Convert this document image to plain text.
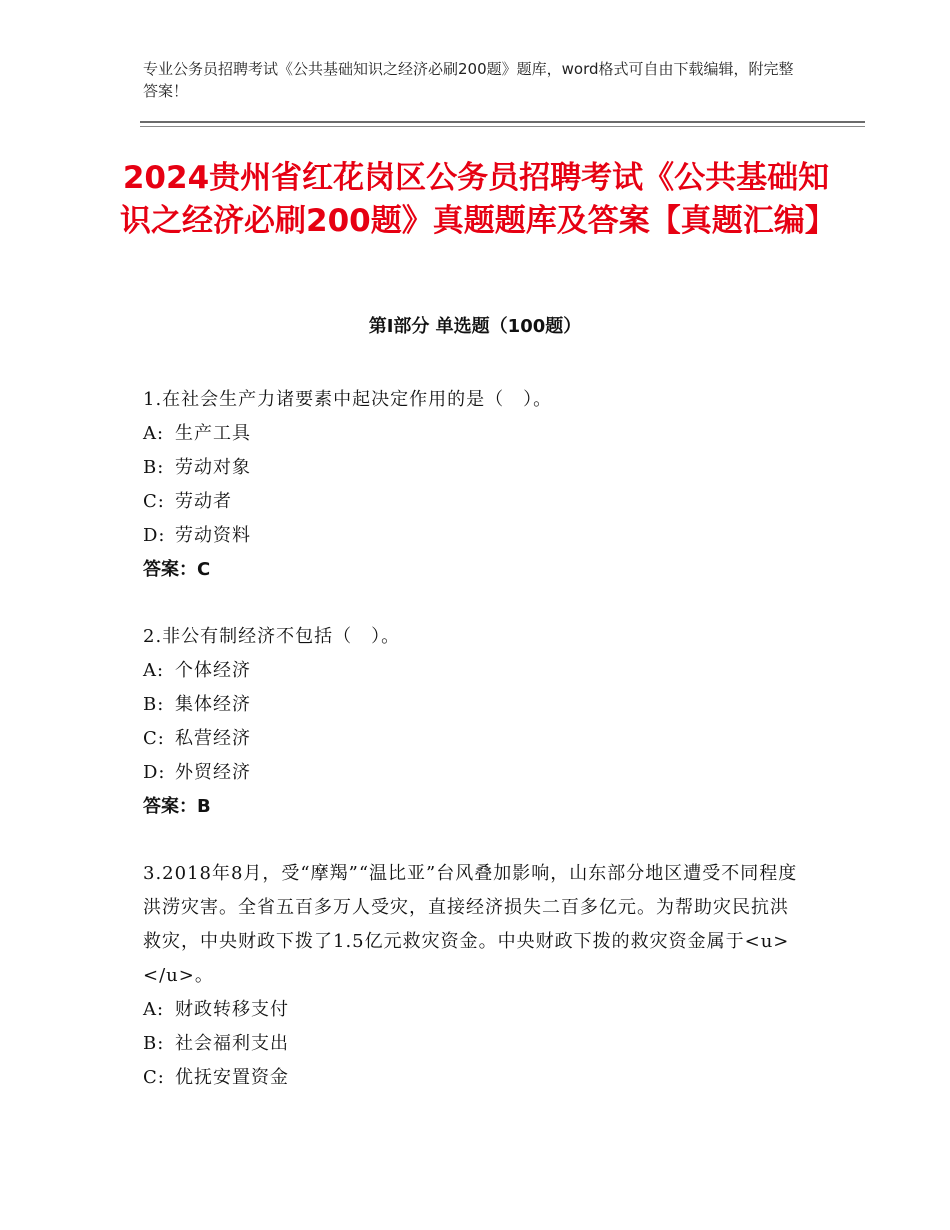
专业公务员招聘考试《公共基础知识之经济必刷200题》题库，word格式可自由下载编辑，附完整答案！
2024贵州省红花岗区公务员招聘考试《公共基础知识之经济必刷200题》真题题库及答案【真题汇编】
第Ⅰ部分 单选题（100题）

1.在社会生产力诸要素中起决定作用的是（　）。

A: 生产工具
B: 劳动对象
C: 劳动者
D: 劳动资料
答案：C

2.非公有制经济不包括（　）。

A: 个体经济
B: 集体经济
C: 私营经济
D: 外贸经济
答案：B

3.2018年8月，受“摩羯”“温比亚”台风叠加影响，山东部分地区遭受不同程度洪涝灾害。全省五百多万人受灾，直接经济损失二百多亿元。为帮助灾民抗洪救灾，中央财政下拨了1.5亿元救灾资金。中央财政下拨的救灾资金属于<u>　　</u>。

A: 财政转移支付
B: 社会福利支出
C: 优抚安置资金
